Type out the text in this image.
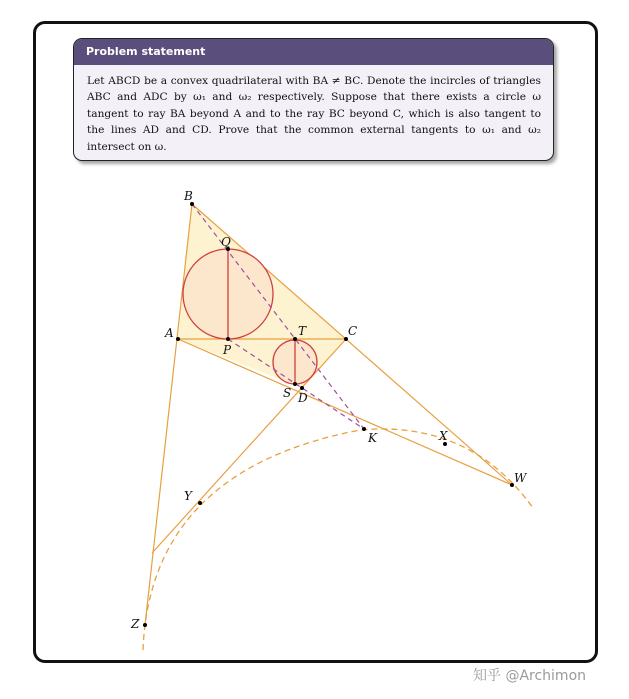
Problem statement
Let ABCD be a convex quadrilateral with BA ≠ BC. Denote the incircles of triangles ABC and ADC by ω₁ and ω₂ respectively. Suppose that there exists a circle ω tangent to ray BA beyond A and to the ray BC beyond C, which is also tangent to the lines AD and CD. Prove that the common external tangents to ω₁ and ω₂ intersect on ω.
B
Q
A
P
T	C
S D
K	X
W
Y
Z
知乎 @Archimon
